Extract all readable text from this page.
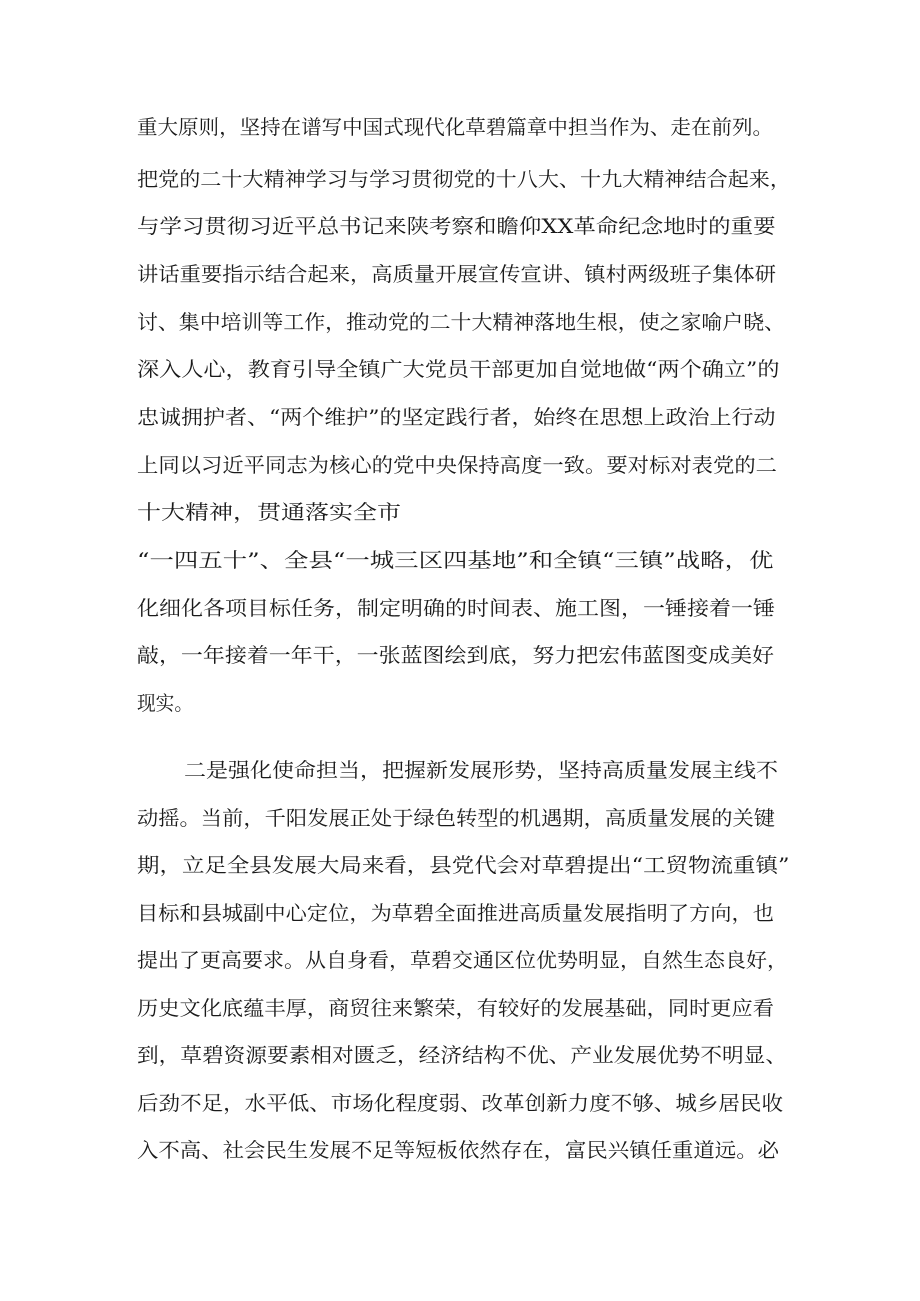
重大原则，坚持在谱写中国式现代化草碧篇章中担当作为、走在前列。

把党的二十大精神学习与学习贯彻党的十八大、十九大精神结合起来，

与学习贯彻习近平总书记来陕考察和瞻仰XX革命纪念地时的重要

讲话重要指示结合起来，高质量开展宣传宣讲、镇村两级班子集体研

讨、集中培训等工作，推动党的二十大精神落地生根，使之家喻户晓、

深入人心，教育引导全镇广大党员干部更加自觉地做“两个确立”的

忠诚拥护者、“两个维护”的坚定践行者，始终在思想上政治上行动

上同以习近平同志为核心的党中央保持高度一致。要对标对表党的二

十大精神，贯通落实全市

“一四五十”、全县“一城三区四基地”和全镇“三镇”战略，优

化细化各项目标任务，制定明确的时间表、施工图，一锤接着一锤

敲，一年接着一年干，一张蓝图绘到底，努力把宏伟蓝图变成美好

现实。

二是强化使命担当，把握新发展形势，坚持高质量发展主线不

动摇。当前，千阳发展正处于绿色转型的机遇期，高质量发展的关键

期，立足全县发展大局来看，县党代会对草碧提出“工贸物流重镇”

目标和县城副中心定位，为草碧全面推进高质量发展指明了方向，也

提出了更高要求。从自身看，草碧交通区位优势明显，自然生态良好，

历史文化底蕴丰厚，商贸往来繁荣，有较好的发展基础，同时更应看

到，草碧资源要素相对匮乏，经济结构不优、产业发展优势不明显、

后劲不足，水平低、市场化程度弱、改革创新力度不够、城乡居民收

入不高、社会民生发展不足等短板依然存在，富民兴镇任重道远。必
